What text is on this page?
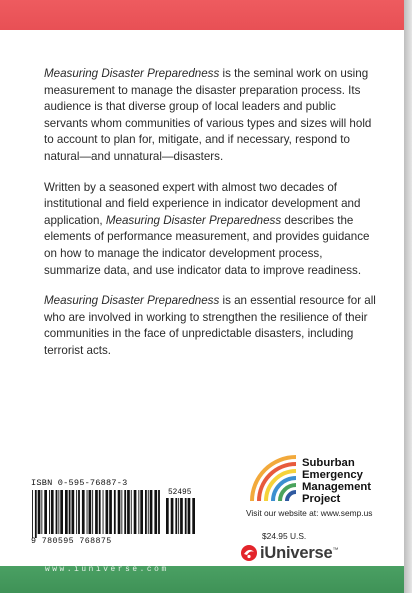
Measuring Disaster Preparedness is the seminal work on using measurement to manage the disaster preparation process. Its audience is that diverse group of local leaders and public servants whom communities of various types and sizes will hold to account to plan for, mitigate, and if necessary, respond to natural—and unnatural—disasters.

Written by a seasoned expert with almost two decades of institutional and field experience in indicator development and application, Measuring Disaster Preparedness describes the elements of performance measurement, and provides guidance on how to manage the indicator development process, summarize data, and use indicator data to improve readiness.

Measuring Disaster Preparedness is an essential resource for all who are involved in working to strengthen the resilience of their communities in the face of unpredictable disasters, including terrorist acts.

ISBN 0-595-76887-3
52495
9 780595 768875
Suburban
Emergency
Management
Project
Visit our website at: www.semp.us
$24.95 U.S.
iUniverse™
www.iuniverse.com
